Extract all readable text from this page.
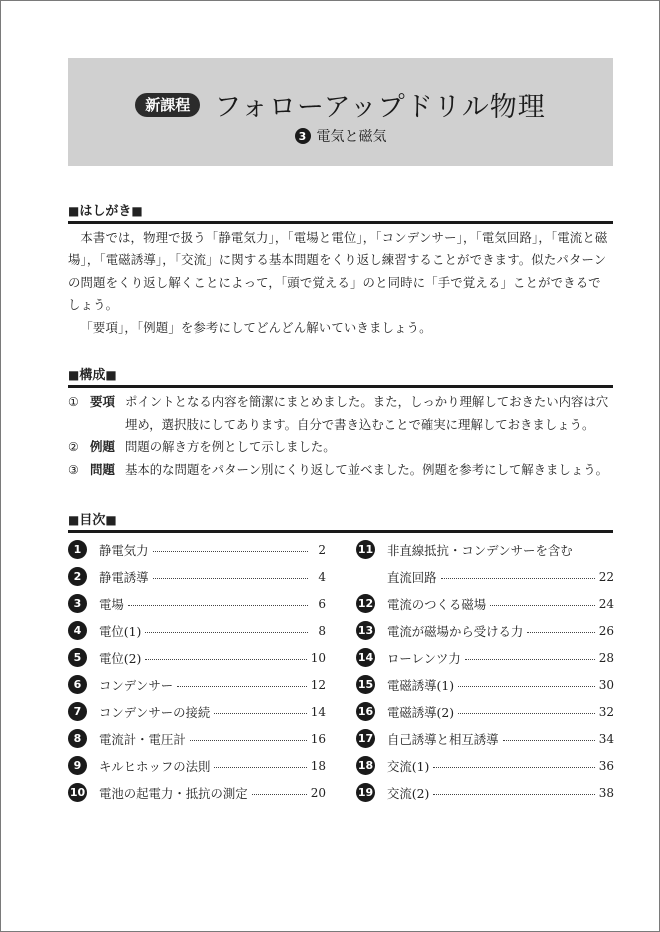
新課程 フォローアップドリル物理
3 電気と磁気
■はしがき■

本書では，物理で扱う「静電気力」，「電場と電位」，「コンデンサー」，「電気回路」，「電流と磁場」，「電磁誘導」，「交流」に関する基本問題をくり返し練習することができます。似たパターンの問題をくり返し解くことによって，「頭で覚える」のと同時に「手で覚える」ことができるでしょう。

「要項」，「例題」を参考にしてどんどん解いていきましょう。

■構成■
① 要項 ポイントとなる内容を簡潔にまとめました。また，しっかり理解しておきたい内容は穴埋め，選択肢にしてあります。自分で書き込むことで確実に理解しておきましょう。
② 例題 問題の解き方を例として示しました。
③ 問題 基本的な問題をパターン別にくり返して並べました。例題を参考にして解きましょう。
■目次■
1	静電気力	2
2	静電誘導	4
3	電場	6
4	電位(1)	8
5	電位(2)	10
6	コンデンサー	12
7	コンデンサーの接続	14
8	電流計・電圧計	16
9	キルヒホッフの法則	18
10 電池の起電力・抵抗の測定	20
11 非直線抵抗・コンデンサーを含む
直流回路	22
12 電流のつくる磁場	24
13 電流が磁場から受ける力	26
14 ローレンツ力	28
15 電磁誘導(1)	30
16 電磁誘導(2)	32
17 自己誘導と相互誘導	34
18 交流(1)	36
19 交流(2)	38
